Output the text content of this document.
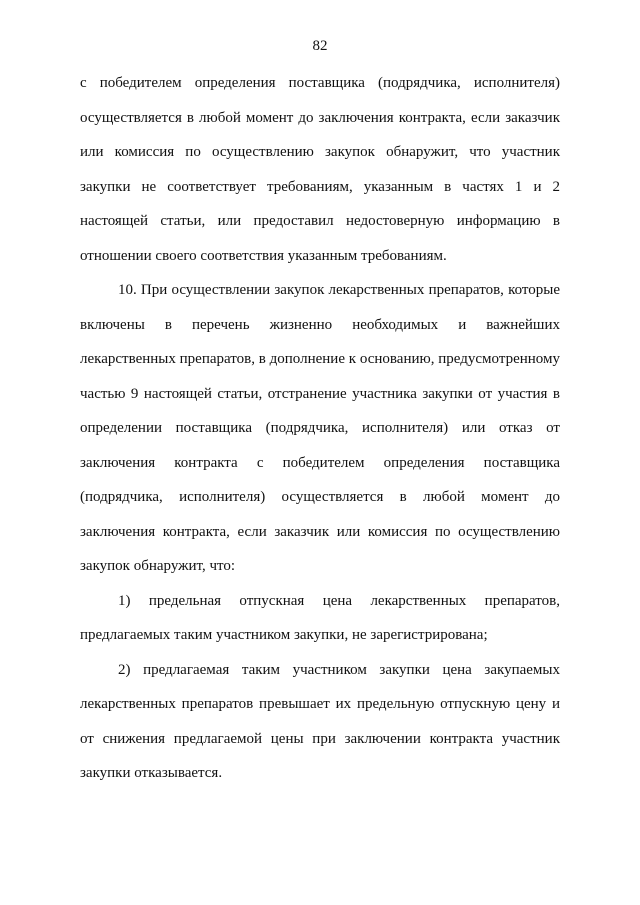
82

с победителем определения поставщика (подрядчика, исполнителя) осуществляется в любой момент до заключения контракта, если заказчик или комиссия по осуществлению закупок обнаружит, что участник закупки не соответствует требованиям, указанным в частях 1 и 2 настоящей статьи, или предоставил недостоверную информацию в отношении своего соответствия указанным требованиям.

10. При осуществлении закупок лекарственных препаратов, которые включены в перечень жизненно необходимых и важнейших лекарственных препаратов, в дополнение к основанию, предусмотренному частью 9 настоящей статьи, отстранение участника закупки от участия в определении поставщика (подрядчика, исполнителя) или отказ от заключения контракта с победителем определения поставщика (подрядчика, исполнителя) осуществляется в любой момент до заключения контракта, если заказчик или комиссия по осуществлению закупок обнаружит, что:

1) предельная отпускная цена лекарственных препаратов, предлагаемых таким участником закупки, не зарегистрирована;

2) предлагаемая таким участником закупки цена закупаемых лекарственных препаратов превышает их предельную отпускную цену и от снижения предлагаемой цены при заключении контракта участник закупки отказывается.
